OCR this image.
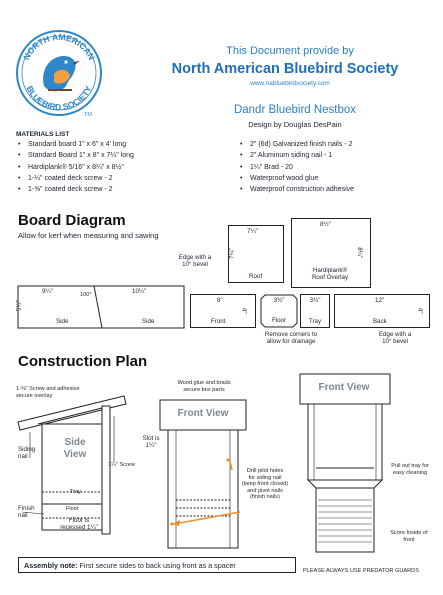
NORTH AMERICAN
BLUEBIRD SOCIETY
TM
This Document provide by
North American Bluebird Society
www.nabluebirdsociety.com
Dandr Bluebird Nestbox
Design by Douglas DesPain
MATERIALS LIST
• Standard board 1" x 6" x 4' long
• Standard Board 1" x 8" x 7¼" long
• Hardiplank® 5/16" x 8¼" x 8½"
• 1-¼" coated deck screw - 2
• 1-⅝" coated deck screw - 2
• 2" (6d) Galvanized finish nails - 2
• 2" Aluminum siding nail - 1
• 1¼" Brad - 20
• Waterproof wood glue
• Waterproof construction adhesive
Board Diagram
Allow for kerf when measuring and sawing
Edge with a
10° bevel
7¼"
7¼"
Roof
8½"
8¼"
Hardiplank®
Roof Overlay
9¼"	100°
5½"
Side
10¼"
Side
8"
4"
Front
3¾"
Floor
3¾"
Tray
12"
4"
Back
Remove corners to
allow for drainage
Edge with a
10° bevel
Construction Plan
1-⅝" Screw and adhesive
secure overlay
Side
View
Siding
nail
1¼" Screw
Tray
Floor
Finish
nail
Floor is
recessed 1¼"
Wood glue and brads
secure box parts
Front View
Slot is
1¼"
Drill pilot holes
for siding nail
(keep front closed)
and pivot nails
(finish nails)
Front View
Pull out tray for
easy cleaning
Score Inside of
front
Assembly note: First secure sides to back using front as a spacer
PLEASE ALWAYS USE PREDATOR GUARDS
